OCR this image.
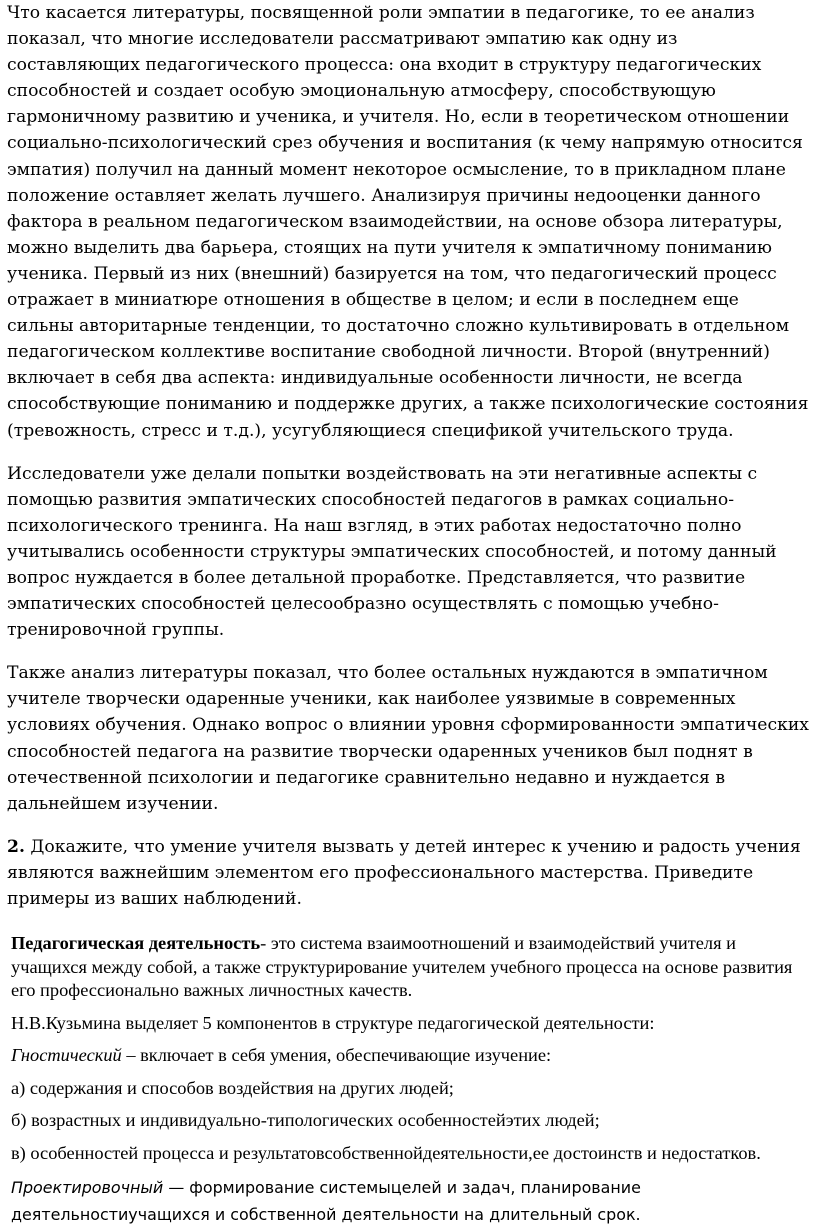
Что касается литературы, посвященной роли эмпатии в педагогике, то ее анализ показал, что многие исследователи рассматривают эмпатию как одну из составляющих педагогического процесса: она входит в структуру педагогических способностей и создает особую эмоциональную атмосферу, способствующую гармоничному развитию и ученика, и учителя. Но, если в теоретическом отношении социально-психологический срез обучения и воспитания (к чему напрямую относится эмпатия) получил на данный момент некоторое осмысление, то в прикладном плане положение оставляет желать лучшего. Анализируя причины недооценки данного фактора в реальном педагогическом взаимодействии, на основе обзора литературы, можно выделить два барьера, стоящих на пути учителя к эмпатичному пониманию ученика. Первый из них (внешний) базируется на том, что педагогический процесс отражает в миниатюре отношения в обществе в целом; и если в последнем еще сильны авторитарные тенденции, то достаточно сложно культивировать в отдельном педагогическом коллективе воспитание свободной личности. Второй (внутренний) включает в себя два аспекта: индивидуальные особенности личности, не всегда способствующие пониманию и поддержке других, а также психологические состояния (тревожность, стресс и т.д.), усугубляющиеся спецификой учительского труда.

Исследователи уже делали попытки воздействовать на эти негативные аспекты с помощью развития эмпатических способностей педагогов в рамках социально-психологического тренинга. На наш взгляд, в этих работах недостаточно полно учитывались особенности структуры эмпатических способностей, и потому данный вопрос нуждается в более детальной проработке. Представляется, что развитие эмпатических способностей целесообразно осуществлять с помощью учебно-тренировочной группы.

Также анализ литературы показал, что более остальных нуждаются в эмпатичном учителе творчески одаренные ученики, как наиболее уязвимые в современных условиях обучения. Однако вопрос о влиянии уровня сформированности эмпатических способностей педагога на развитие творчески одаренных учеников был поднят в отечественной психологии и педагогике сравнительно недавно и нуждается в дальнейшем изучении.

2. Докажите, что умение учителя вызвать у детей интерес к учению и радость учения являются важнейшим элементом его профессионального мастерства. Приведите примеры из ваших наблюдений.

Педагогическая деятельность- это система взаимоотношений и взаимодействий учителя и учащихся между собой, а также структурирование учителем учебного процесса на основе развития его профессионально важных личностных качеств.

Н.В.Кузьмина выделяет 5 компонентов в структуре педагогической деятельности:

Гностический – включает в себя умения, обеспечивающие изучение:

а) содержания и способов воздействия на других людей;

б) возрастных и индивидуально-типологических особенностейэтих людей;

в) особенностей процесса и результатовсобственнойдеятельности,ее достоинств и недостатков.

Проектировочный — формирование системыцелей и задач, планирование деятельностиучащихся и собственной деятельности на длительный срок.
